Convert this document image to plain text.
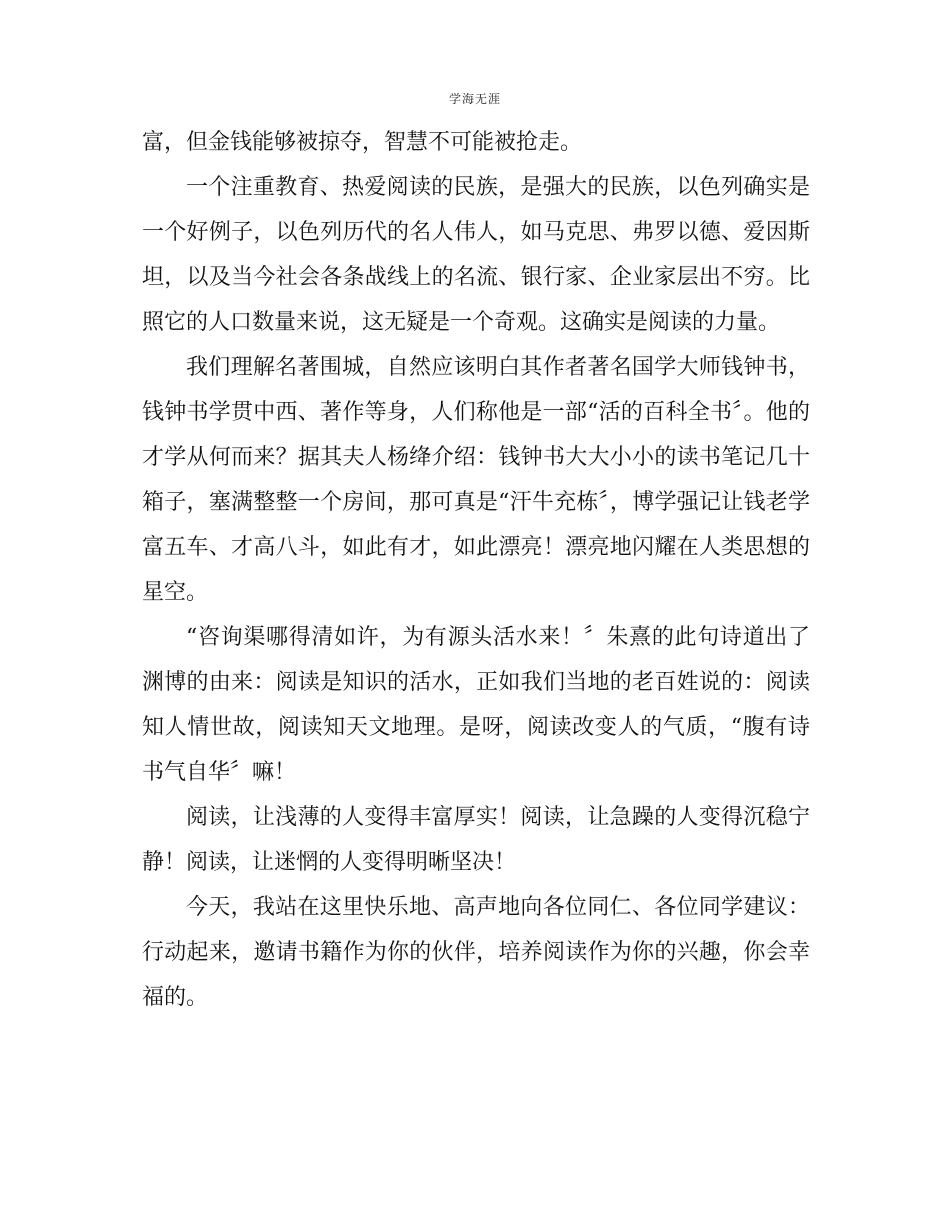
学海无涯

富，但金钱能够被掠夺，智慧不可能被抢走。

一个注重教育、热爱阅读的民族，是强大的民族，以色列确实是一个好例子，以色列历代的名人伟人，如马克思、弗罗以德、爱因斯坦，以及当今社会各条战线上的名流、银行家、企业家层出不穷。比照它的人口数量来说，这无疑是一个奇观。这确实是阅读的力量。

我们理解名著围城，自然应该明白其作者著名国学大师钱钟书，钱钟书学贯中西、著作等身，人们称他是一部“活的百科全书〞。他的才学从何而来？据其夫人杨绛介绍：钱钟书大大小小的读书笔记几十箱子，塞满整整一个房间，那可真是“汗牛充栋〞，博学强记让钱老学富五车、才高八斗，如此有才，如此漂亮！漂亮地闪耀在人类思想的星空。

“咨询渠哪得清如许，为有源头活水来！〞朱熹的此句诗道出了渊博的由来：阅读是知识的活水，正如我们当地的老百姓说的：阅读知人情世故，阅读知天文地理。是呀，阅读改变人的气质，“腹有诗书气自华〞嘛！

阅读，让浅薄的人变得丰富厚实！阅读，让急躁的人变得沉稳宁静！阅读，让迷惘的人变得明晰坚决！

今天，我站在这里快乐地、高声地向各位同仁、各位同学建议：行动起来，邀请书籍作为你的伙伴，培养阅读作为你的兴趣，你会幸福的。
